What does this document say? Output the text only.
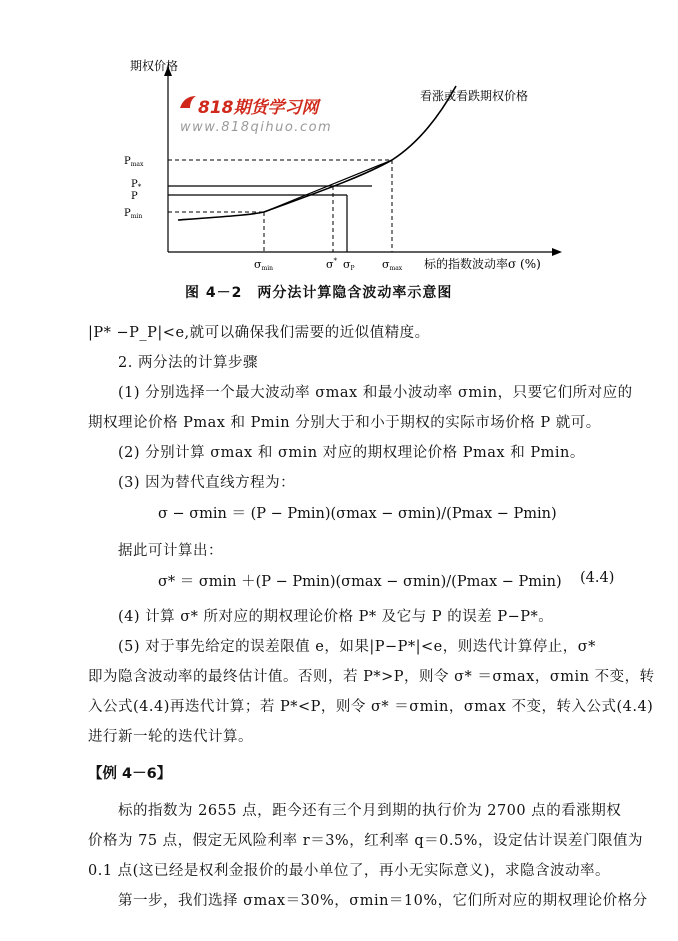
期权价格
$P_{max}$
$P_*$
P
$P_{min}$
σmin	σ* σP σmax 标的指数波动率σ (%)
看涨或看跌期权价格
818期货学习网
www.818qihuo.com
图 4－2　两分法计算隐含波动率示意图
|P* −P_P|<e,就可以确保我们需要的近似值精度。
2. 两分法的计算步骤
(1) 分别选择一个最大波动率 σmax 和最小波动率 σmin，只要它们所对应的
期权理论价格 Pmax 和 Pmin 分别大于和小于期权的实际市场价格 P 就可。
(2) 分别计算 σmax 和 σmin 对应的期权理论价格 Pmax 和 Pmin。
(3) 因为替代直线方程为：
σ − σmin ＝ (P − Pmin)(σmax − σmin)/(Pmax − Pmin)
据此可计算出：
σ* ＝ σmin ＋(P − Pmin)(σmax − σmin)/(Pmax − Pmin) (4.4)
(4) 计算 σ* 所对应的期权理论价格 P* 及它与 P 的误差 P−P*。
(5) 对于事先给定的误差限值 e，如果|P−P*|<e，则迭代计算停止，σ*
即为隐含波动率的最终估计值。否则，若 P*>P，则令 σ* ＝σmax，σmin 不变，转
入公式(4.4)再迭代计算；若 P*<P，则令 σ* ＝σmin，σmax 不变，转入公式(4.4)
进行新一轮的迭代计算。
【例 4－6】
标的指数为 2655 点，距今还有三个月到期的执行价为 2700 点的看涨期权
价格为 75 点，假定无风险利率 r＝3%，红利率 q＝0.5%，设定估计误差门限值为
0.1 点(这已经是权利金报价的最小单位了，再小无实际意义)，求隐含波动率。
第一步，我们选择 σmax＝30%，σmin＝10%，它们所对应的期权理论价格分
